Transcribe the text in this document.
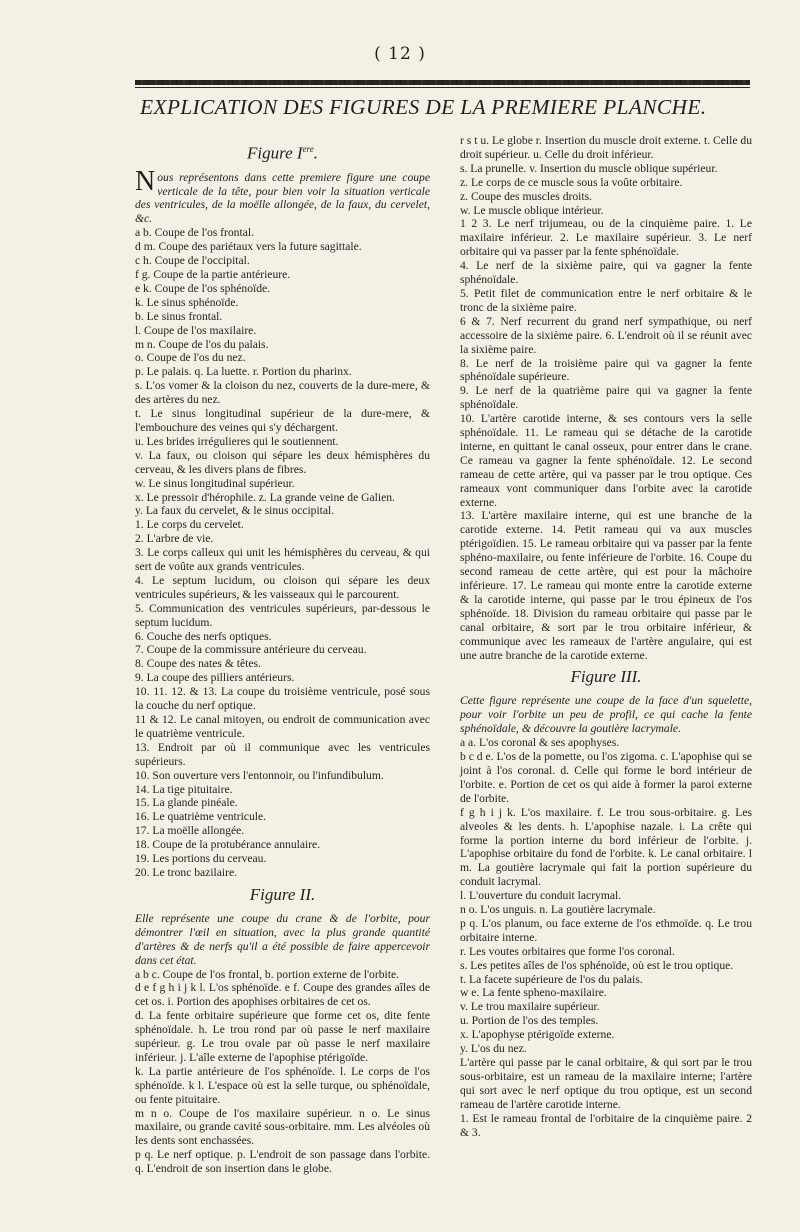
( 12 )
EXPLICATION DES FIGURES DE LA PREMIERE PLANCHE.
Figure Iere.

Nous représentons dans cette premiere figure une coupe verticale de la tête, pour bien voir la situation verticale des ventricules, de la moëlle allongée, de la faux, du cervelet, &c.

a b. Coupe de l'os frontal.

d m. Coupe des pariétaux vers la future sagittale.

c h. Coupe de l'occipital.

f g. Coupe de la partie antérieure.

e k. Coupe de l'os sphénoïde.

k. Le sinus sphénoïde.

b. Le sinus frontal.

l. Coupe de l'os maxilaire.

m n. Coupe de l'os du palais.

o. Coupe de l'os du nez.

p. Le palais. q. La luette. r. Portion du pharinx.

s. L'os vomer & la cloison du nez, couverts de la dure-mere, & des artères du nez.

t. Le sinus longitudinal supérieur de la dure-mere, & l'embouchure des veines qui s'y déchargent.

u. Les brides irrégulieres qui le soutiennent.

v. La faux, ou cloison qui sépare les deux hémisphères du cerveau, & les divers plans de fibres.

w. Le sinus longitudinal supérieur.

x. Le pressoir d'hérophile. z. La grande veine de Galien.

y. La faux du cervelet, & le sinus occipital.

1. Le corps du cervelet.

2. L'arbre de vie.

3. Le corps calleux qui unit les hémisphères du cerveau, & qui sert de voûte aux grands ventricules.

4. Le septum lucidum, ou cloison qui sépare les deux ventricules supérieurs, & les vaisseaux qui le parcourent.

5. Communication des ventricules supérieurs, par-dessous le septum lucidum.

6. Couche des nerfs optiques.

7. Coupe de la commissure antérieure du cerveau.

8. Coupe des nates & têtes.

9. La coupe des pilliers antérieurs.

10. 11. 12. & 13. La coupe du troisième ventricule, posé sous la couche du nerf optique.

11 & 12. Le canal mitoyen, ou endroit de communication avec le quatrième ventricule.

13. Endroit par où il communique avec les ventricules supérieurs.

10. Son ouverture vers l'entonnoir, ou l'infundibulum.

14. La tige pituitaire.

15. La glande pinéale.

16. Le quatrième ventricule.

17. La moëlle allongée.

18. Coupe de la protubérance annulaire.

19. Les portions du cerveau.

20. Le tronc bazilaire.

Figure II.

Elle représente une coupe du crane & de l'orbite, pour démontrer l'œil en situation, avec la plus grande quantité d'artères & de nerfs qu'il a été possible de faire appercevoir dans cet état.

a b c. Coupe de l'os frontal, b. portion externe de l'orbite.

d e f g h i j k l. L'os sphénoïde. e f. Coupe des grandes aîles de cet os. i. Portion des apophises orbitaires de cet os.

d. La fente orbitaire supérieure que forme cet os, dite fente sphénoïdale. h. Le trou rond par où passe le nerf maxilaire supérieur. g. Le trou ovale par où passe le nerf maxilaire inférieur. j. L'aîle externe de l'apophise ptérigoïde.

k. La partie antérieure de l'os sphénoïde. l. Le corps de l'os sphénoïde. k l. L'espace où est la selle turque, ou sphénoïdale, ou fente pituitaire.

m n o. Coupe de l'os maxilaire supérieur. n o. Le sinus maxilaire, ou grande cavité sous-orbitaire. mm. Les alvéoles où les dents sont enchassées.

p q. Le nerf optique. p. L'endroit de son passage dans l'orbite. q. L'endroit de son insertion dans le globe.

r s t u. Le globe r. Insertion du muscle droit externe. t. Celle du droit supérieur. u. Celle du droit inférieur.

s. La prunelle. v. Insertion du muscle oblique supérieur.

z. Le corps de ce muscle sous la voûte orbitaire.

z. Coupe des muscles droits.

w. Le muscle oblique intérieur.

1 2 3. Le nerf trijumeau, ou de la cinquième paire. 1. Le maxilaire inférieur. 2. Le maxilaire supérieur. 3. Le nerf orbitaire qui va passer par la fente sphénoïdale.

4. Le nerf de la sixième paire, qui va gagner la fente sphénoïdale.

5. Petit filet de communication entre le nerf orbitaire & le tronc de la sixième paire.

6 & 7. Nerf recurrent du grand nerf sympathique, ou nerf accessoire de la sixième paire. 6. L'endroit où il se réunit avec la sixième paire.

8. Le nerf de la troisième paire qui va gagner la fente sphénoïdale supérieure.

9. Le nerf de la quatrième paire qui va gagner la fente sphénoïdale.

10. L'artère carotide interne, & ses contours vers la selle sphénoïdale. 11. Le rameau qui se détache de la carotide interne, en quittant le canal osseux, pour entrer dans le crane. Ce rameau va gagner la fente sphénoïdale. 12. Le second rameau de cette artère, qui va passer par le trou optique. Ces rameaux vont communiquer dans l'orbite avec la carotide externe.

13. L'artère maxilaire interne, qui est une branche de la carotide externe. 14. Petit rameau qui va aux muscles ptérigoïdien. 15. Le rameau orbitaire qui va passer par la fente sphéno-maxilaire, ou fente inférieure de l'orbite. 16. Coupe du second rameau de cette artère, qui est pour la mâchoire inférieure. 17. Le rameau qui monte entre la carotide externe & la carotide interne, qui passe par le trou épineux de l'os sphénoïde. 18. Division du rameau orbitaire qui passe par le canal orbitaire, & sort par le trou orbitaire inférieur, & communique avec les rameaux de l'artère angulaire, qui est une autre branche de la carotide externe.

Figure III.

Cette figure représente une coupe de la face d'un squelette, pour voir l'orbite un peu de profil, ce qui cache la fente sphénoïdale, & découvre la goutière lacrymale.

a a. L'os coronal & ses apophyses.

b c d e. L'os de la pomette, ou l'os zigoma. c. L'apophise qui se joint à l'os coronal. d. Celle qui forme le bord intérieur de l'orbite. e. Portion de cet os qui aide à former la paroi externe de l'orbite.

f g h i j k. L'os maxilaire. f. Le trou sous-orbitaire. g. Les alveoles & les dents. h. L'apophise nazale. i. La crête qui forme la portion interne du bord inférieur de l'orbite. j. L'apophise orbitaire du fond de l'orbite. k. Le canal orbitaire. l m. La goutière lacrymale qui fait la portion supérieure du conduit lacrymal.

l. L'ouverture du conduit lacrymal.

n o. L'os unguis. n. La goutière lacrymale.

p q. L'os planum, ou face externe de l'os ethmoïde. q. Le trou orbitaire interne.

r. Les voutes orbitaires que forme l'os coronal.

s. Les petites aîles de l'os sphénoïde, où est le trou optique.

t. La facete supérieure de l'os du palais.

w e. La fente spheno-maxilaire.

v. Le trou maxilaire supérieur.

u. Portion de l'os des temples.

x. L'apophyse ptérigoïde externe.

y. L'os du nez.

L'artère qui passe par le canal orbitaire, & qui sort par le trou sous-orbitaire, est un rameau de la maxilaire interne; l'artère qui sort avec le nerf optique du trou optique, est un second rameau de l'artère carotide interne.

1. Est le rameau frontal de l'orbitaire de la cinquième paire. 2 & 3.
